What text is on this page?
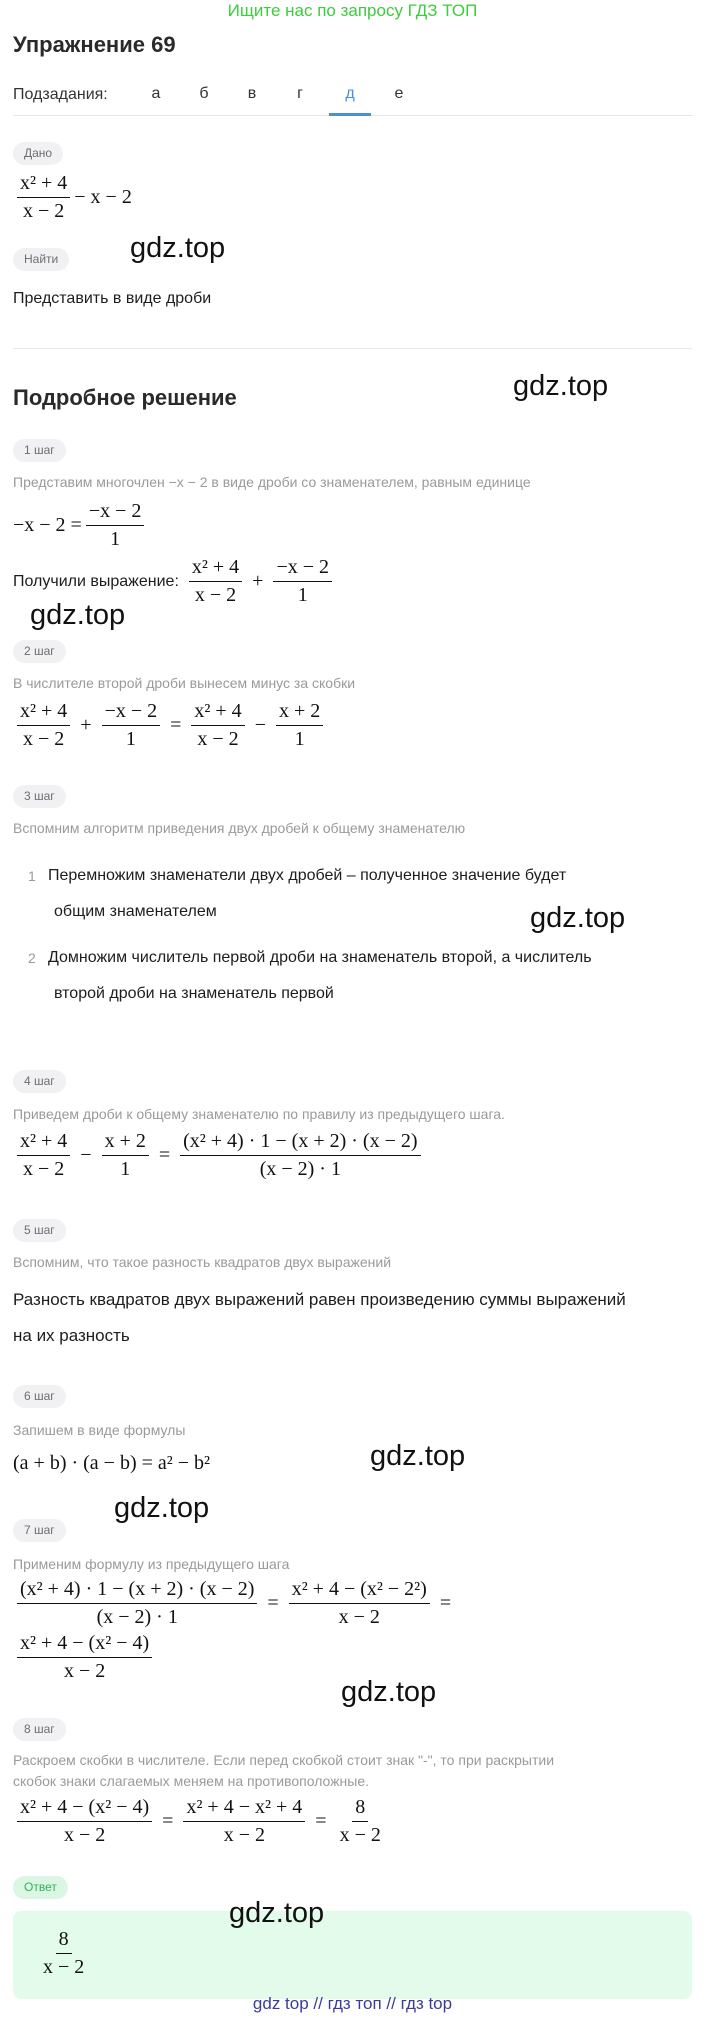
Ищите нас по запросу ГДЗ ТОП
Упражнение 69
Подзадания:	а	б	в	г	д	е
Дано
$\frac{\text{x² + 4}}{x - 2} - x - 2$
Найти	gdz.top
Представить в виде дроби
Подробное решение	gdz.top
1 шаг
Представим многочлен −x − 2 в виде дроби со знаменателем, равным единице
$-x - 2 = \frac{-x - 2}{1}$
Получили выражение: $\frac{\text{x² + 4}}{x - 2} + \frac{-x - 2}{1}$
gdz.top
2 шаг
В числителе второй дроби вынесем минус за скобки
$\frac{\text{x² + 4}}{x - 2} + \frac{-x - 2}{1} = \frac{\text{x² + 4}}{x - 2} - \frac{x + 2}{1}$
3 шаг
Вспомним алгоритм приведения двух дробей к общему знаменателю
1 Перемножим знаменатели двух дробей – полученное значение будет
общим знаменателем	gdz.top
2 Домножим числитель первой дроби на знаменатель второй, а числитель
второй дроби на знаменатель первой
4 шаг
Приведем дроби к общему знаменателю по правилу из предыдущего шага.
$\frac{\text{x² + 4}}{x - 2} - \frac{x + 2}{1} = \frac{\text{(x² + 4) · 1 − (x + 2) · (x − 2)}}{(x - 2) \cdot 1}$
5 шаг
Вспомним, что такое разность квадратов двух выражений
Разность квадратов двух выражений равен произведению суммы выражений
на их разность
6 шаг
Запишем в виде формулы
(a + b) · (a − b) = a² − b²	gdz.top
gdz.top
7 шаг
Применим формулу из предыдущего шага
$\frac{\text{(x² + 4) · 1 − (x + 2) · (x − 2)}}{(x - 2) \cdot 1} = \frac{\text{x² + 4 − (x² − 2²)}}{x - 2}$ =
$\frac{\text{x² + 4 − (x² − 4)}}{x - 2}$
gdz.top
8 шаг
Раскроем скобки в числителе. Если перед скобкой стоит знак "-", то при раскрытии
скобок знаки слагаемых меняем на противоположные.
$\frac{\text{x² + 4 − (x² − 4)}}{x - 2} = \frac{\text{x² + 4 − x² + 4}}{x - 2} = \frac{8}{x - 2}$
Ответ
gdz.top
$\frac{8}{x - 2}$
gdz top // гдз топ // гдз top
